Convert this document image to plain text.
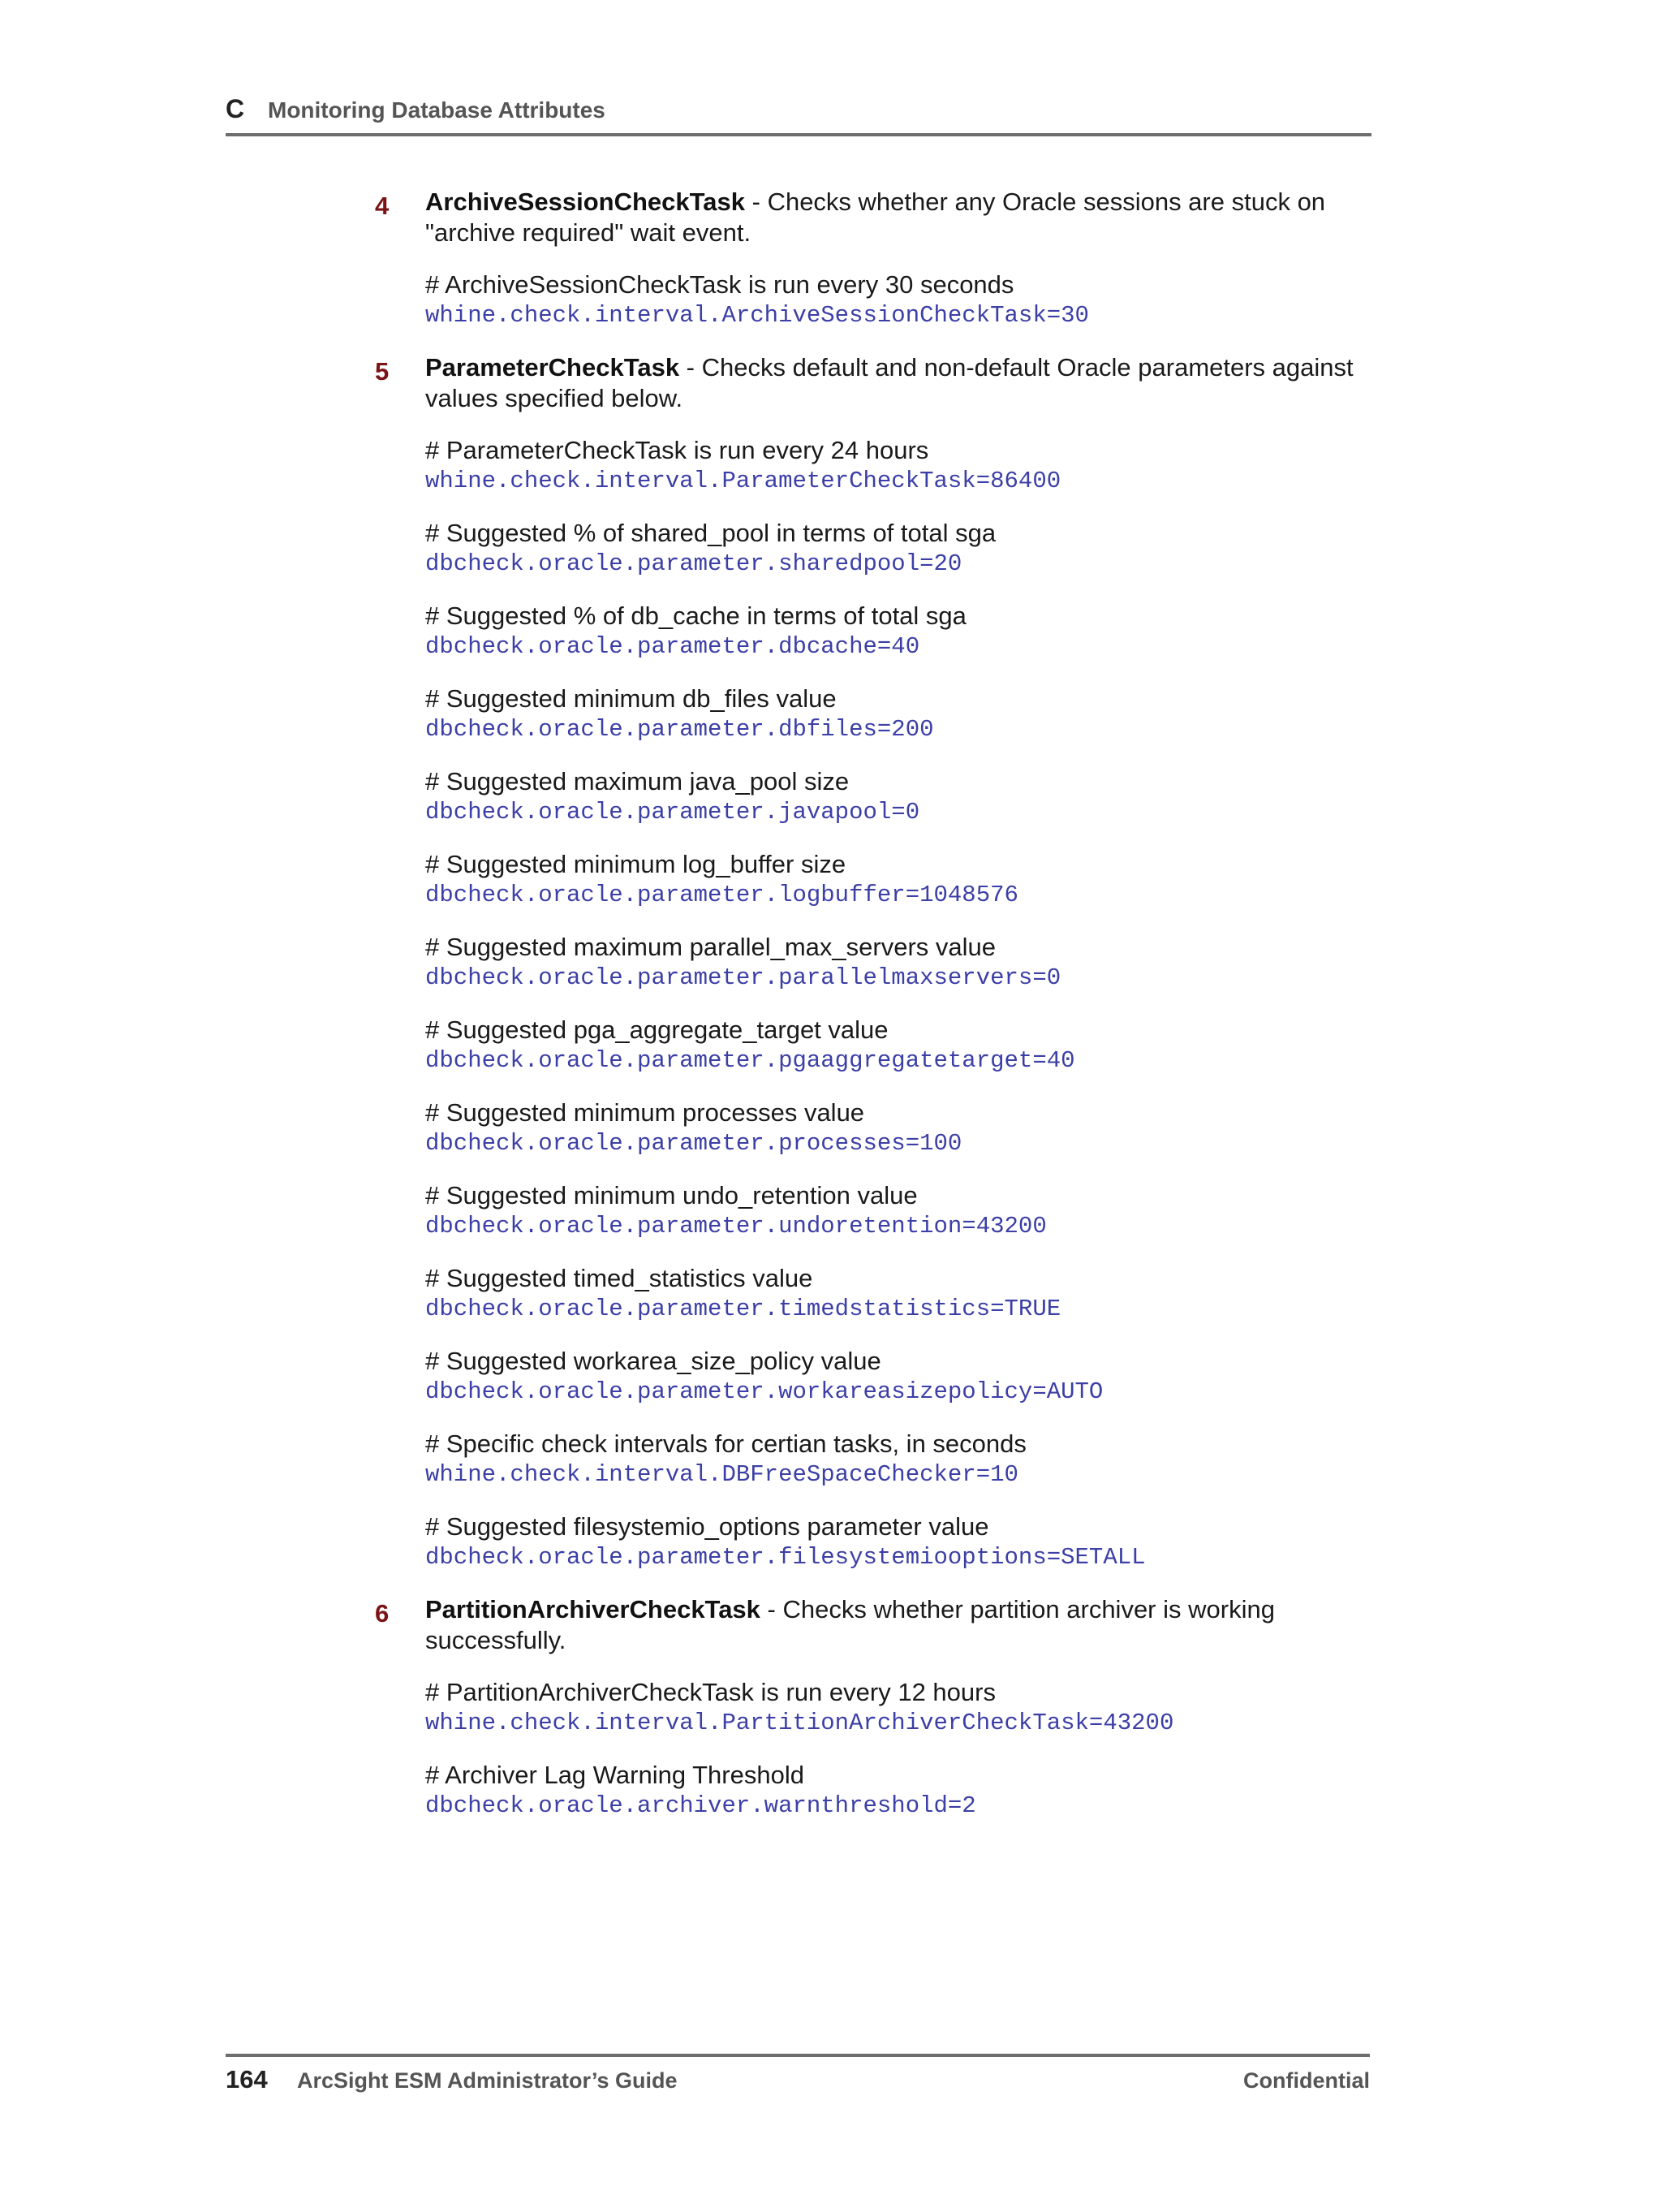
C Monitoring Database Attributes
4 ArchiveSessionCheckTask - Checks whether any Oracle sessions are stuck on "archive required" wait event.
# ArchiveSessionCheckTask is run every 30 seconds
whine.check.interval.ArchiveSessionCheckTask=30
5 ParameterCheckTask - Checks default and non-default Oracle parameters against values specified below.
# ParameterCheckTask is run every 24 hours
whine.check.interval.ParameterCheckTask=86400
# Suggested % of shared_pool in terms of total sga
dbcheck.oracle.parameter.sharedpool=20
# Suggested % of db_cache in terms of total sga
dbcheck.oracle.parameter.dbcache=40
# Suggested minimum db_files value
dbcheck.oracle.parameter.dbfiles=200
# Suggested maximum java_pool size
dbcheck.oracle.parameter.javapool=0
# Suggested minimum log_buffer size
dbcheck.oracle.parameter.logbuffer=1048576
# Suggested maximum parallel_max_servers value
dbcheck.oracle.parameter.parallelmaxservers=0
# Suggested pga_aggregate_target value
dbcheck.oracle.parameter.pgaaggregatetarget=40
# Suggested minimum processes value
dbcheck.oracle.parameter.processes=100
# Suggested minimum undo_retention value
dbcheck.oracle.parameter.undoretention=43200
# Suggested timed_statistics value
dbcheck.oracle.parameter.timedstatistics=TRUE
# Suggested workarea_size_policy value
dbcheck.oracle.parameter.workareasizepolicy=AUTO
# Specific check intervals for certian tasks, in seconds
whine.check.interval.DBFreeSpaceChecker=10
# Suggested filesystemio_options parameter value
dbcheck.oracle.parameter.filesystemiooptions=SETALL
6 PartitionArchiverCheckTask - Checks whether partition archiver is working successfully.
# PartitionArchiverCheckTask is run every 12 hours
whine.check.interval.PartitionArchiverCheckTask=43200
# Archiver Lag Warning Threshold
dbcheck.oracle.archiver.warnthreshold=2
164 ArcSight ESM Administrator’s Guide	Confidential
